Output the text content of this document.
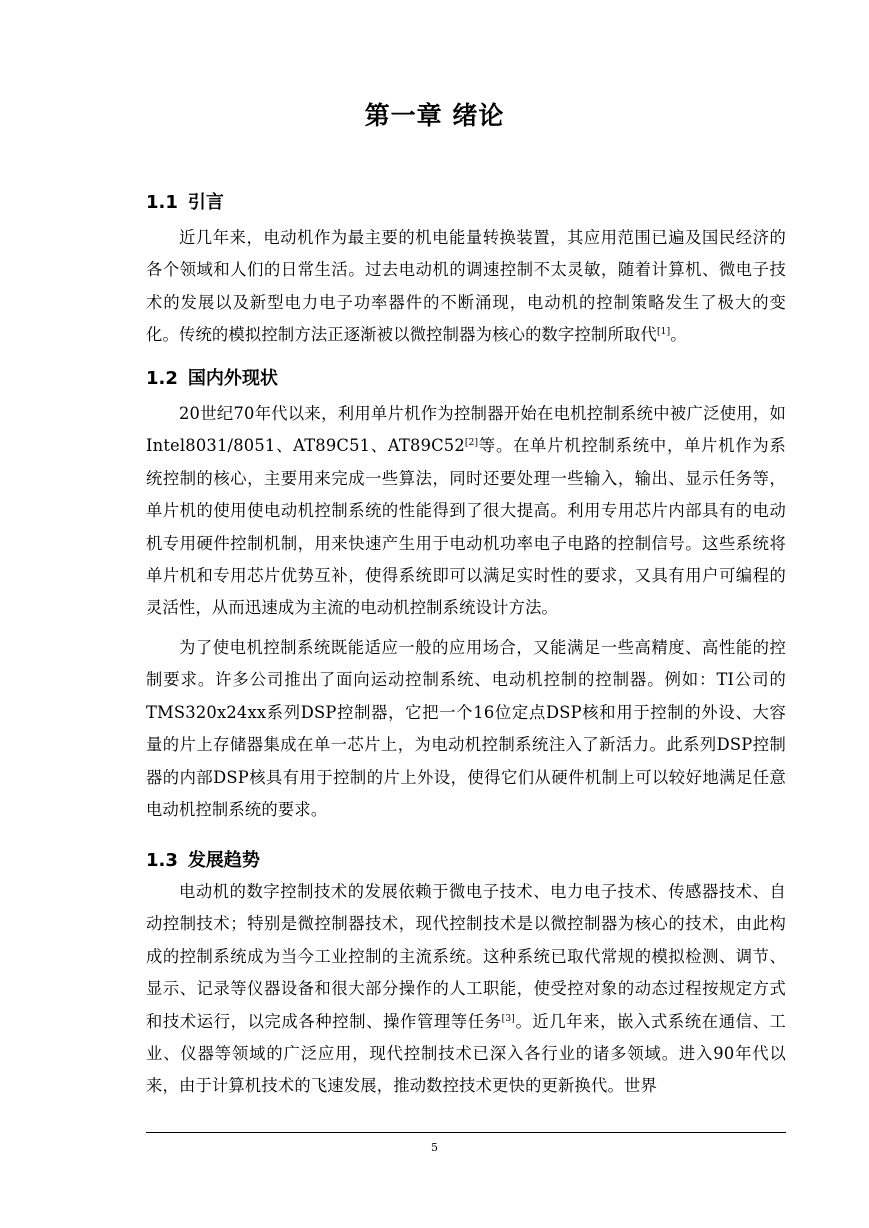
第一章 绪论
1.1 引言

近几年来，电动机作为最主要的机电能量转换装置，其应用范围已遍及国民经济的各个领域和人们的日常生活。过去电动机的调速控制不太灵敏，随着计算机、微电子技术的发展以及新型电力电子功率器件的不断涌现，电动机的控制策略发生了极大的变化。传统的模拟控制方法正逐渐被以微控制器为核心的数字控制所取代[1]。

1.2 国内外现状

20世纪70年代以来，利用单片机作为控制器开始在电机控制系统中被广泛使用，如Intel8031/8051、AT89C51、AT89C52[2]等。在单片机控制系统中，单片机作为系统控制的核心，主要用来完成一些算法，同时还要处理一些输入，输出、显示任务等，单片机的使用使电动机控制系统的性能得到了很大提高。利用专用芯片内部具有的电动机专用硬件控制机制，用来快速产生用于电动机功率电子电路的控制信号。这些系统将单片机和专用芯片优势互补，使得系统即可以满足实时性的要求，又具有用户可编程的灵活性，从而迅速成为主流的电动机控制系统设计方法。

为了使电机控制系统既能适应一般的应用场合，又能满足一些高精度、高性能的控制要求。许多公司推出了面向运动控制系统、电动机控制的控制器。例如：TI公司的TMS320x24xx系列DSP控制器，它把一个16位定点DSP核和用于控制的外设、大容量的片上存储器集成在单一芯片上，为电动机控制系统注入了新活力。此系列DSP控制器的内部DSP核具有用于控制的片上外设，使得它们从硬件机制上可以较好地满足任意电动机控制系统的要求。

1.3 发展趋势

电动机的数字控制技术的发展依赖于微电子技术、电力电子技术、传感器技术、自动控制技术；特别是微控制器技术，现代控制技术是以微控制器为核心的技术，由此构成的控制系统成为当今工业控制的主流系统。这种系统已取代常规的模拟检测、调节、显示、记录等仪器设备和很大部分操作的人工职能，使受控对象的动态过程按规定方式和技术运行，以完成各种控制、操作管理等任务[3]。近几年来，嵌入式系统在通信、工业、仪器等领域的广泛应用，现代控制技术已深入各行业的诸多领域。进入90年代以来，由于计算机技术的飞速发展，推动数控技术更快的更新换代。世界

5
